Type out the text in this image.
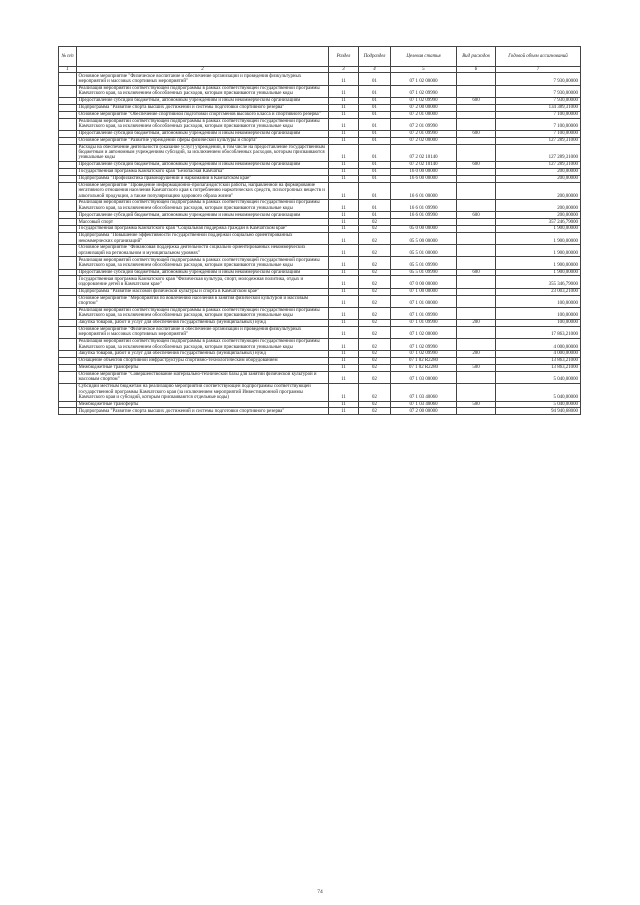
№ п/п		Раздел	Подраздел	Целевая статья	Вид расходов	Годовой объем ассигнований
1	2	3	4	5	6	7
	Основное мероприятие "Физическое воспитание и обеспечение организации и проведения физкультурных мероприятий и массовых спортивных мероприятий"	11	01	07 1 02 00000		7 930,00000
	Реализация мероприятий соответствующей подпрограммы в рамках соответствующей государственной программы Камчатского края, за исключением обособленных расходов, которым присваиваются уникальные коды	11	01	07 1 02 09990		7 930,00000
	Предоставление субсидий бюджетным, автономным учреждениям и иным некоммерческим организациям	11	01	07 1 02 09990	600	7 930,00000
	Подпрограмма "Развитие спорта высших достижений и системы подготовки спортивного резерва"	11	01	07 2 00 00000		134 389,31000
	Основное мероприятие "Обеспечение спортивной подготовки спортсменов высокого класса и спортивного резерва"	11	01	07 2 01 00000		7 100,00000
	Реализация мероприятий соответствующей подпрограммы в рамках соответствующей государственной программы Камчатского края, за исключением обособленных расходов, которым присваиваются уникальные коды	11	01	07 2 01 09990		7 100,00000
	Предоставление субсидий бюджетным, автономным учреждениям и иным некоммерческим организациям	11	01	07 2 01 09990	600	7 100,00000
	Основное мероприятие "Развитие учреждений сферы физической культуры и спорта"	11	01	07 2 02 00000		127 289,31000
	Расходы на обеспечение деятельности (оказание услуг) учреждений, в том числе на предоставление государственным бюджетным и автономным учреждениям субсидий, за исключением обособленных расходов, которым присваиваются уникальные коды	11	01	07 2 02 10140		127 289,31000
	Предоставление субсидий бюджетным, автономным учреждениям и иным некоммерческим организациям	11	01	07 2 02 10140	600	127 289,31000
	Государственная программа Камчатского края "Безопасная Камчатка"	11	01	16 0 00 00000		200,00000
	Подпрограмма "Профилактика правонарушений и наркомании в Камчатском крае"	11	01	16 6 00 00000		200,00000
	Основное мероприятие "Проведение информационно-пропагандистской работы, направленной на формирование негативного отношения населения Камчатского края к потреблению наркотических средств, психотропных веществ и алкогольной продукции, а также популяризацию здорового образа жизни"	11	01	16 6 01 00000		200,00000
	Реализация мероприятий соответствующей подпрограммы в рамках соответствующей государственной программы Камчатского края, за исключением обособленных расходов, которым присваиваются уникальные коды	11	01	16 6 01 09990		200,00000
	Предоставление субсидий бюджетным, автономным учреждениям и иным некоммерческим организациям	11	01	16 6 01 09990	600	200,00000
	Массовый спорт	11	02			357 246,79000
	Государственная программа Камчатского края "Социальная поддержка граждан в Камчатском крае"	11	02	05 0 00 00000		1 900,00000
	Подпрограмма "Повышение эффективности государственной поддержки социально ориентированных некоммерческих организаций"	11	02	05 5 00 00000		1 900,00000
	Основное мероприятие "Финансовая поддержка деятельности социально ориентированных некоммерческих организаций на региональном и муниципальном уровнях"	11	02	05 5 01 00000		1 900,00000
	Реализация мероприятий соответствующей подпрограммы в рамках соответствующей государственной программы Камчатского края, за исключением обособленных расходов, которым присваиваются уникальные коды	11	02	05 5 01 09990		1 900,00000
	Предоставление субсидий бюджетным, автономным учреждениям и иным некоммерческим организациям	11	02	05 5 01 09990	600	1 900,00000
	Государственная программа Камчатского края "Физическая культура, спорт, молодежная политика, отдых и оздоровление детей в Камчатском крае"	11	02	07 0 00 00000		355 346,79000
	Подпрограмма "Развитие массовой физической культуры и спорта в Камчатском крае"	11	02	07 1 00 00000		23 003,21000
	Основное мероприятие "Мероприятия по вовлечению населения в занятия физической культурой и массовым спортом"	11	02	07 1 01 00000		100,00000
	Реализация мероприятий соответствующей подпрограммы в рамках соответствующей государственной программы Камчатского края, за исключением обособленных расходов, которым присваиваются уникальные коды	11	02	07 1 01 09990		100,00000
	Закупка товаров, работ и услуг для обеспечения государственных (муниципальных) нужд	11	02	07 1 01 09990	200	100,00000
	Основное мероприятие "Физическое воспитание и обеспечение организации и проведения физкультурных мероприятий и массовых спортивных мероприятий"	11	02	07 1 02 00000		17 863,21000
	Реализация мероприятий соответствующей подпрограммы в рамках соответствующей государственной программы Камчатского края, за исключением обособленных расходов, которым присваиваются уникальные коды	11	02	07 1 02 09990		4 000,00000
	Закупка товаров, работ и услуг для обеспечения государственных (муниципальных) нужд	11	02	07 1 02 09990	200	4 000,00000
	Оснащение объектов спортивной инфраструктуры спортивно-технологическим оборудованием	11	02	07 1 02 R2280		13 863,21000
	Межбюджетные трансферты	11	02	07 1 02 R2280	500	13 863,21000
	Основное мероприятие "Совершенствование материально-технической базы для занятий физической культурой и массовым спортом"	11	02	07 1 03 00000		5 040,00000
	Субсидии местным бюджетам на реализацию мероприятий соответствующей подпрограммы соответствующей государственной программы Камчатского края (за исключением мероприятий Инвестиционной программы Камчатского края и субсидий, которым присваиваются отдельные коды)	11	02	07 1 03 40060		5 040,00000
	Межбюджетные трансферты	11	02	07 1 03 40060	500	5 040,00000
	Подпрограмма "Развитие спорта высших достижений и системы подготовки спортивного резерва"	11	02	07 2 00 00000		94 940,68000
74
